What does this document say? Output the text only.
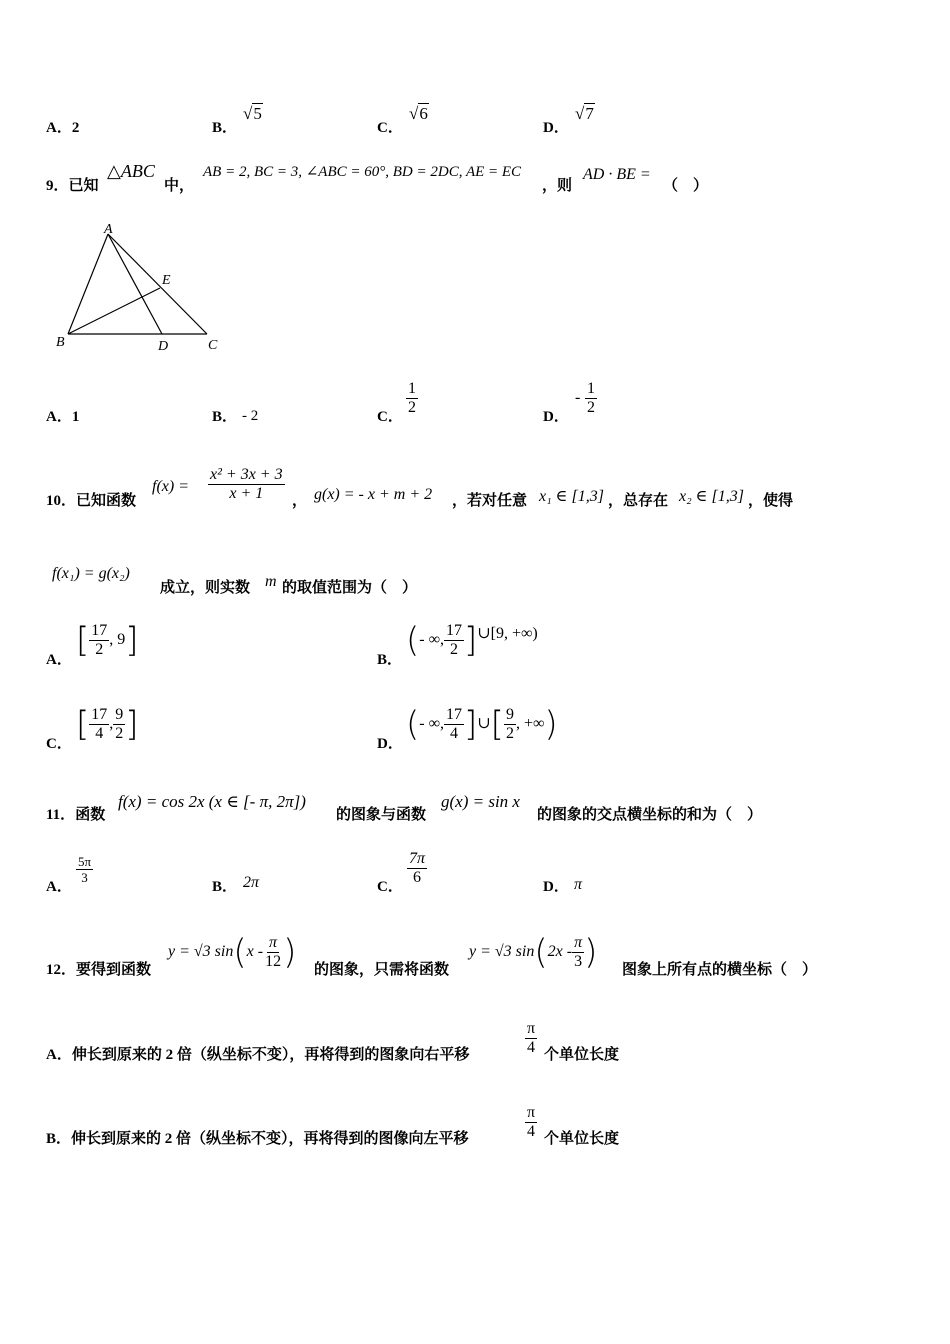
A．2	B．
√5
C．
√6
D．
√7
9．已知
△ABC
中，
AB = 2, BC = 3, ∠ABC = 60°, BD = 2DC, AE = EC
，则
AD · BE =
（　）
A
B	C
D
E
A．1	B． - 2	C． $\frac{1}{2}$	D．
- $\frac{1}{2}$
10．已知函数
$f(x) = \frac{\text{x² + 3x + 3}}{x + 1}$ ， g(x) = - x + m + 2 ，若对任意 x₁ ∈ [1,3] ，总存在 x₂ ∈ [1,3] ，使得
f(x₁) = g(x₂)
成立，则实数 m 的取值范围为（　）
A． [ $\frac{17}{2}$ , 9]	B． (- ∞, $\frac{17}{2}$ ]∪[9, +∞)
C． [ $\frac{17}{4}$ , $\frac{9}{2}$ ]	D． (- ∞, $\frac{17}{4}$ ]∪[ $\frac{9}{2}$ , +∞)
11．函数
f(x) = cos 2x (x ∈ [- π, 2π])
的图象与函数
g(x) = sin x
的图象的交点横坐标的和为（　）
A．
$\frac{5\pi}{3}$
B． 2π	C． $\frac{7\pi}{6}$	D． π
12．要得到函数
y = √3 $\sin(x - \frac{\pi}{12}$ ) 的图象，只需将函数
y = √3 $\sin(2x - \frac{\pi}{3}$ ) 图象上所有点的横坐标（　）
A．伸长到原来的 2 倍（纵坐标不变），再将得到的图象向右平移	$\frac{\pi}{4}$ 个单位长度
B．伸长到原来的 2 倍（纵坐标不变），再将得到的图像向左平移	$\frac{\pi}{4}$ 个单位长度
